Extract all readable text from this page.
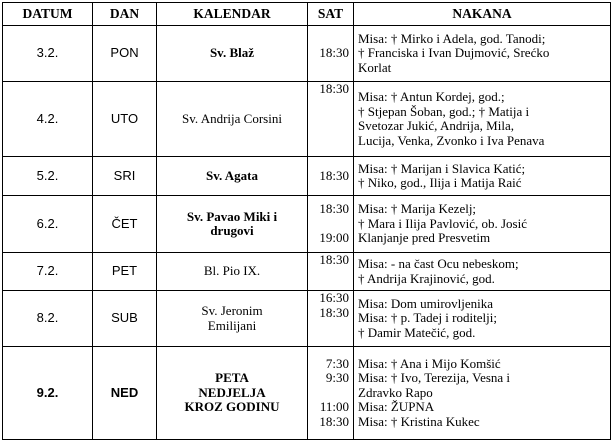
DATUM	DAN	KALENDAR	SAT	NAKANA
3.2.	PON	Sv. Blaž	18:30	Misa: † Mirko i Adela, god. Tanodi;
† Franciska i Ivan Dujmović, Srećko
Korlat

4.2.	UTO	Sv. Andrija Corsini	18:30	Misa: † Antun Kordej, god.;
† Stjepan Šoban, god.; † Matija i
Svetozar Jukić, Andrija, Mila,
Lucija, Venka, Zvonko i Iva Penava

5.2.	SRI	Sv. Agata	18:30	Misa: † Marijan i Slavica Katić;
† Niko, god., Ilija i Matija Raić

6.2.	ČET	Sv. Pavao Miki i
drugovi	18:30
19:00	Misa: † Marija Kezelj;
† Mara i Ilija Pavlović, ob. Josić
Klanjanje pred Presvetim

7.2.	PET	Bl. Pio IX.	18:30	Misa: - na čast Ocu nebeskom;
† Andrija Krajinović, god.

8.2.	SUB	Sv. Jeronim
Emilijani	16:30
18:30	Misa: Dom umirovljenika
Misa: † p. Tadej i roditelji;
† Damir Matečić, god.

9.2.	NED	PETA
NEDJELJA
KROZ GODINU	7:30
9:30
11:00
18:30	Misa: † Ana i Mijo Komšić
Misa: † Ivo, Terezija, Vesna i
Zdravko Rapo
Misa: ŽUPNA
Misa: † Kristina Kukec
